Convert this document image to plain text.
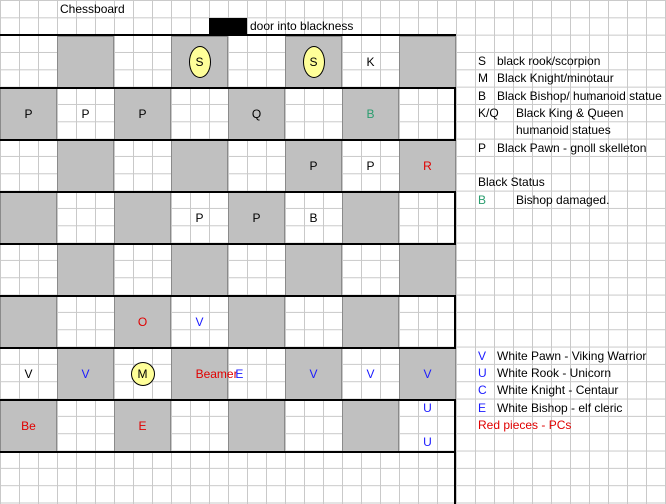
Chessboard
door into blackness
S	S	K
P	P	P	Q	B
P	P	R
P	P	B
O	V
V	V	M	Beamer
E	V	V	V
Be	E
U
U
S black rook/scorpion
M Black Knight/minotaur
B Black Bishop/ humanoid statue
K/Q Black King & Queen
humanoid statues
P Black Pawn - gnoll skelleton
Black Status
B Bishop damaged.
V White Pawn - Viking Warrior
U White Rook - Unicorn
C White Knight - Centaur
E White Bishop - elf cleric
Red pieces - PCs
